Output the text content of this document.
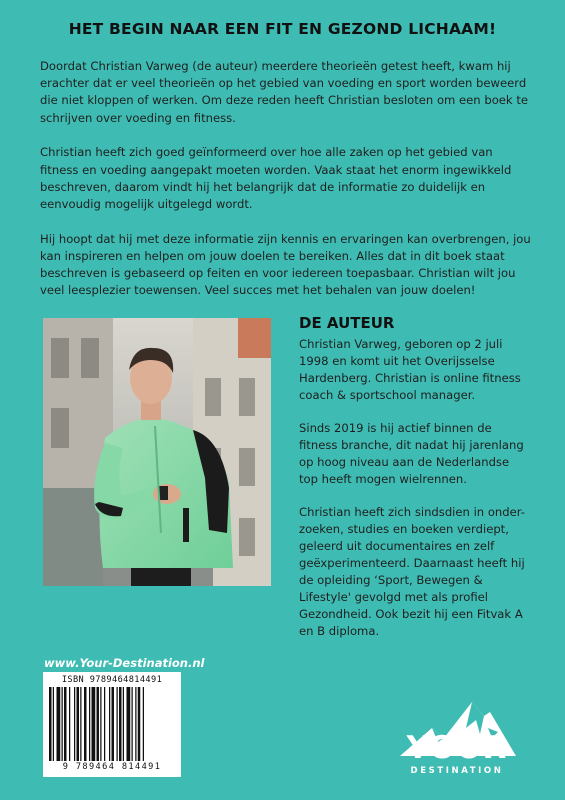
HET BEGIN NAAR EEN FIT EN GEZOND LICHAAM!

Doordat Christian Varweg (de auteur) meerdere theorieën getest heeft, kwam hij erachter dat er veel theorieën op het gebied van voeding en sport worden beweerd die niet kloppen of werken. Om deze reden heeft Christian besloten om een boek te schrijven over voeding en fitness.

Christian heeft zich goed geïnformeerd over hoe alle zaken op het gebied van fitness en voeding aangepakt moeten worden. Vaak staat het enorm ingewikkeld beschreven, daarom vindt hij het belangrijk dat de informatie zo duidelijk en eenvoudig mogelijk uitgelegd wordt.

Hij hoopt dat hij met deze informatie zijn kennis en ervaringen kan overbrengen, jou kan inspireren en helpen om jouw doelen te bereiken. Alles dat in dit boek staat beschreven is gebaseerd op feiten en voor iedereen toepasbaar. Christian wilt jou veel leesplezier toewensen. Veel succes met het behalen van jouw doelen!

DE AUTEUR

Christian Varweg, geboren op 2 juli 1998 en komt uit het Overijsselse Hardenberg. Christian is online fitness coach & sportschool manager.

Sinds 2019 is hij actief binnen de fitness branche, dit nadat hij jarenlang op hoog niveau aan de Nederlandse top heeft mogen wielrennen.

Christian heeft zich sindsdien in onder-zoeken, studies en boeken verdiept, geleerd uit documentaires en zelf geëxperimenteerd. Daarnaast heeft hij de opleiding ‘Sport, Bewegen & Lifestyle' gevolgd met als profiel Gezondheid. Ook bezit hij een Fitvak A en B diploma.

www.Your-Destination.nl
ISBN 9789464814491
9 789464 814491
YOUR
DESTINATION
